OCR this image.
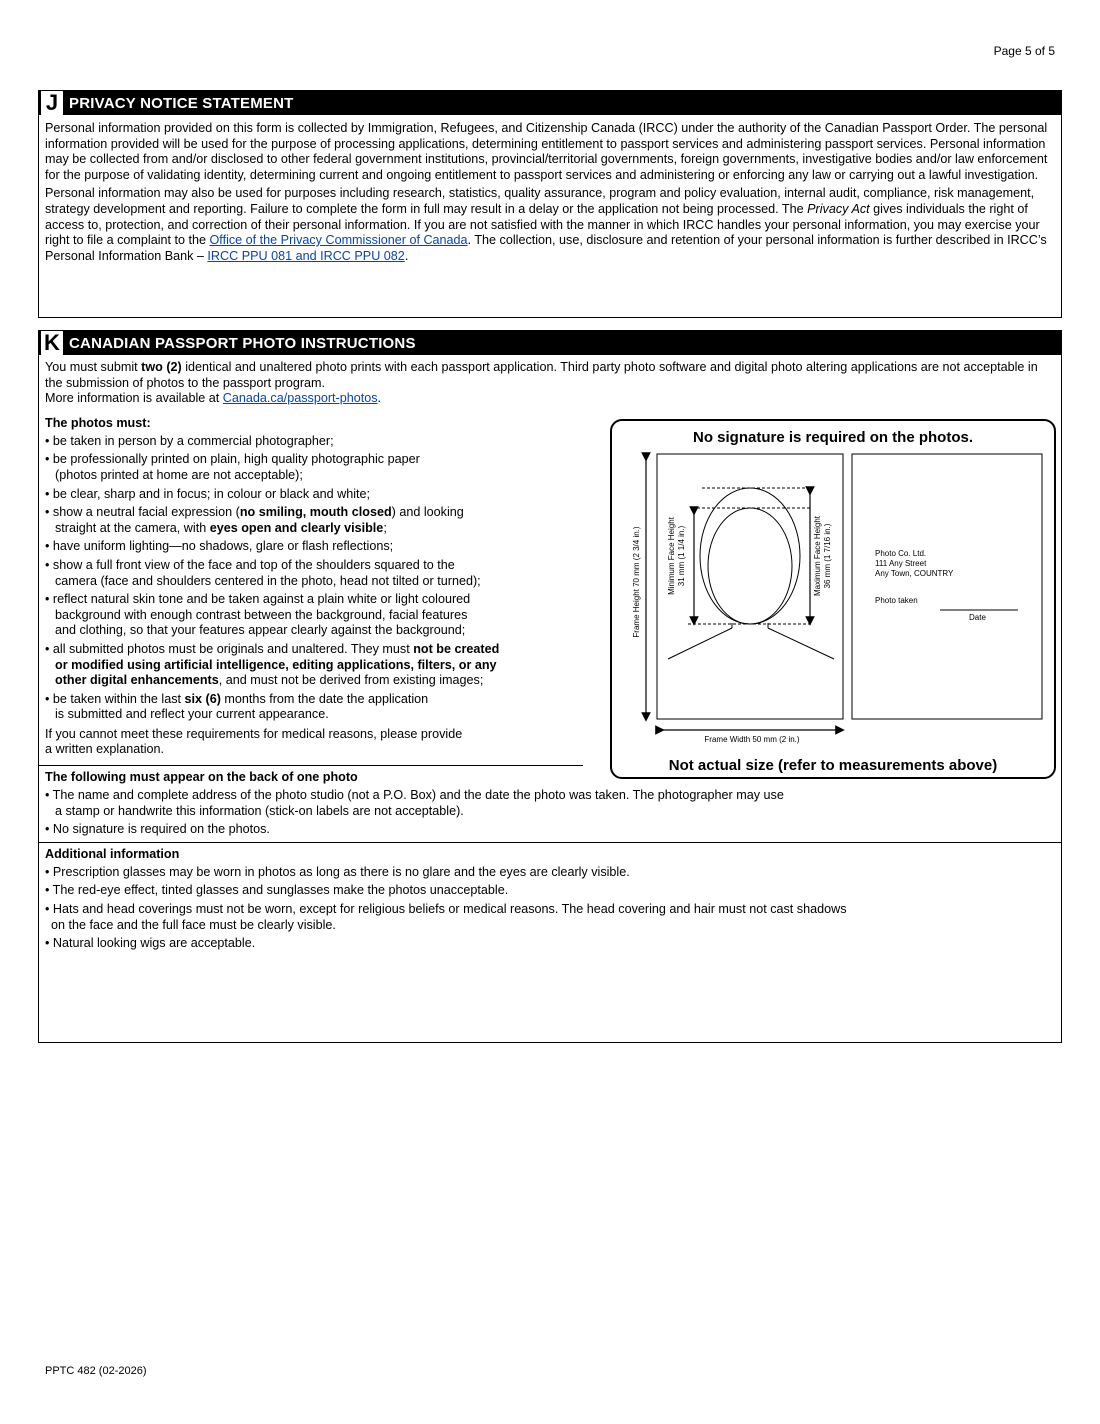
Page 5 of 5
J PRIVACY NOTICE STATEMENT

Personal information provided on this form is collected by Immigration, Refugees, and Citizenship Canada (IRCC) under the authority of the Canadian Passport Order. The personal information provided will be used for the purpose of processing applications, determining entitlement to passport services and administering passport services. Personal information may be collected from and/or disclosed to other federal government institutions, provincial/territorial governments, foreign governments, investigative bodies and/or law enforcement for the purpose of validating identity, determining current and ongoing entitlement to passport services and administering or enforcing any law or carrying out a lawful investigation.

Personal information may also be used for purposes including research, statistics, quality assurance, program and policy evaluation, internal audit, compliance, risk management, strategy development and reporting. Failure to complete the form in full may result in a delay or the application not being processed. The Privacy Act gives individuals the right of access to, protection, and correction of their personal information. If you are not satisfied with the manner in which IRCC handles your personal information, you may exercise your right to file a complaint to the Office of the Privacy Commissioner of Canada. The collection, use, disclosure and retention of your personal information is further described in IRCC’s Personal Information Bank – IRCC PPU 081 and IRCC PPU 082.

K CANADIAN PASSPORT PHOTO INSTRUCTIONS

You must submit two (2) identical and unaltered photo prints with each passport application. Third party photo software and digital photo altering applications are not acceptable in the submission of photos to the passport program.

More information is available at Canada.ca/passport-photos.

The photos must:

• be taken in person by a commercial photographer;

• be professionally printed on plain, high quality photographic paper
(photos printed at home are not acceptable);

• be clear, sharp and in focus; in colour or black and white;

• show a neutral facial expression (no smiling, mouth closed) and looking
straight at the camera, with eyes open and clearly visible;

• have uniform lighting—no shadows, glare or flash reflections;

• show a full front view of the face and top of the shoulders squared to the
camera (face and shoulders centered in the photo, head not tilted or turned);

• reflect natural skin tone and be taken against a plain white or light coloured
background with enough contrast between the background, facial features
and clothing, so that your features appear clearly against the background;

• all submitted photos must be originals and unaltered. They must not be created
or modified using artificial intelligence, editing applications, filters, or any
other digital enhancements, and must not be derived from existing images;

• be taken within the last six (6) months from the date the application
is submitted and reflect your current appearance.

If you cannot meet these requirements for medical reasons, please provide
a written explanation.

The following must appear on the back of one photo

• The name and complete address of the photo studio (not a P.O. Box) and the date the photo was taken. The photographer may use
a stamp or handwrite this information (stick-on labels are not acceptable).

• No signature is required on the photos.

Additional information

• Prescription glasses may be worn in photos as long as there is no glare and the eyes are clearly visible.

• The red-eye effect, tinted glasses and sunglasses make the photos unacceptable.

• Hats and head coverings must not be worn, except for religious beliefs or medical reasons. The head covering and hair must not cast shadows
on the face and the full face must be clearly visible.

• Natural looking wigs are acceptable.

No signature is required on the photos.
Frame Height 70 mm (2 3/4 in.)	Minimum Face Height 31 mm (1 1/4 in.)	Maximum Face Height 36 mm (1 7/16 in.)
Frame Width 50 mm (2 in.)
Photo Co. Ltd.
111 Any Street
Any Town, COUNTRY
Photo taken
Date
Not actual size (refer to measurements above)
PPTC 482 (02-2026)
